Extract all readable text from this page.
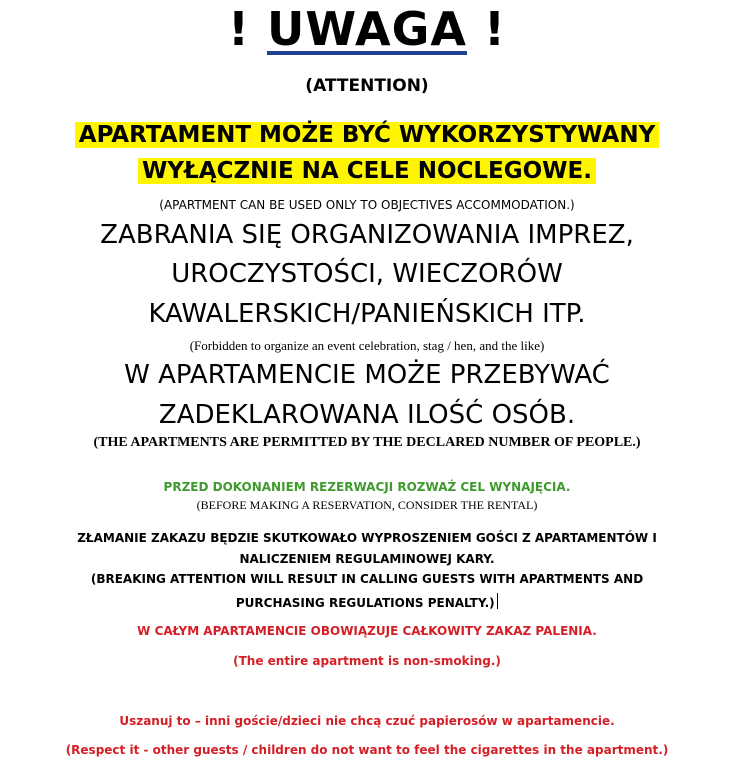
! UWAGA !
(ATTENTION)
APARTAMENT MOŻE BYĆ WYKORZYSTYWANY
WYŁĄCZNIE NA CELE NOCLEGOWE.
(APARTMENT CAN BE USED ONLY TO OBJECTIVES ACCOMMODATION.)
ZABRANIA SIĘ ORGANIZOWANIA IMPREZ,
UROCZYSTOŚCI, WIECZORÓW
KAWALERSKICH/PANIEŃSKICH ITP.
(Forbidden to organize an event celebration, stag / hen, and the like)
W APARTAMENCIE MOŻE PRZEBYWAĆ
ZADEKLAROWANA ILOŚĆ OSÓB.
(THE APARTMENTS ARE PERMITTED BY THE DECLARED NUMBER OF PEOPLE.)
PRZED DOKONANIEM REZERWACJI ROZWAŻ CEL WYNAJĘCIA.
(BEFORE MAKING A RESERVATION, CONSIDER THE RENTAL)
ZŁAMANIE ZAKAZU BĘDZIE SKUTKOWAŁO WYPROSZENIEM GOŚCI Z APARTAMENTÓW I
NALICZENIEM REGULAMINOWEJ KARY.
(BREAKING ATTENTION WILL RESULT IN CALLING GUESTS WITH APARTMENTS AND
PURCHASING REGULATIONS PENALTY.)
W CAŁYM APARTAMENCIE OBOWIĄZUJE CAŁKOWITY ZAKAZ PALENIA.
(The entire apartment is non-smoking.)
Uszanuj to – inni goście/dzieci nie chcą czuć papierosów w apartamencie.
(Respect it - other guests / children do not want to feel the cigarettes in the apartment.)
